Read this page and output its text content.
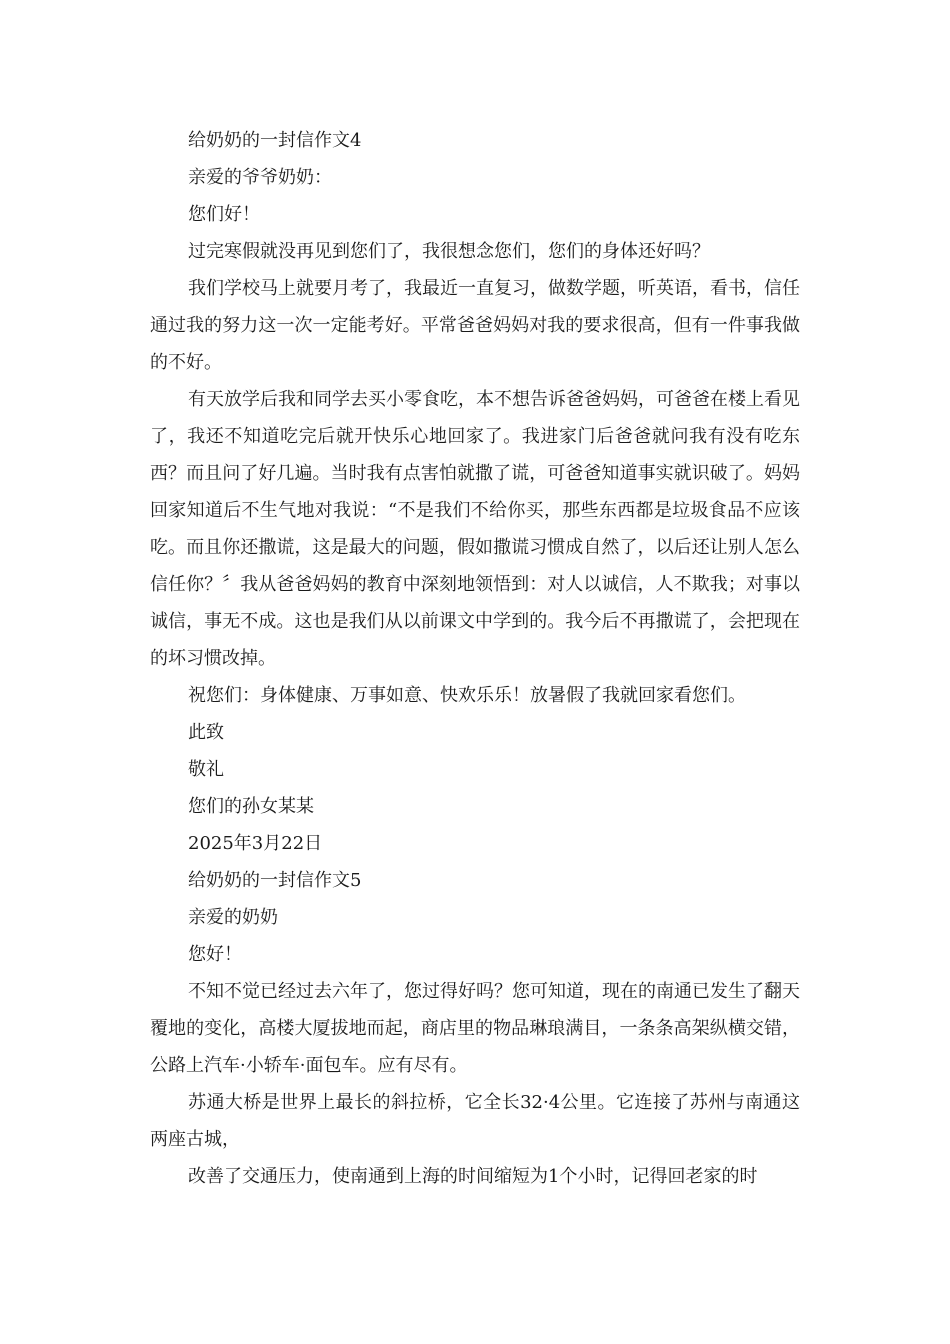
给奶奶的一封信作文4

亲爱的爷爷奶奶：

您们好！

过完寒假就没再见到您们了，我很想念您们，您们的身体还好吗？

我们学校马上就要月考了，我最近一直复习，做数学题，听英语，看书，信任通过我的努力这一次一定能考好。平常爸爸妈妈对我的要求很高，但有一件事我做的不好。

有天放学后我和同学去买小零食吃，本不想告诉爸爸妈妈，可爸爸在楼上看见了，我还不知道吃完后就开快乐心地回家了。我进家门后爸爸就问我有没有吃东西？而且问了好几遍。当时我有点害怕就撒了谎，可爸爸知道事实就识破了。妈妈回家知道后不生气地对我说：“不是我们不给你买，那些东西都是垃圾食品不应该吃。而且你还撒谎，这是最大的问题，假如撒谎习惯成自然了，以后还让别人怎么信任你？〞我从爸爸妈妈的教育中深刻地领悟到：对人以诚信，人不欺我；对事以诚信，事无不成。这也是我们从以前课文中学到的。我今后不再撒谎了，会把现在的坏习惯改掉。

祝您们：身体健康、万事如意、快欢乐乐！放暑假了我就回家看您们。

此致

敬礼

您们的孙女某某

2025年3月22日

给奶奶的一封信作文5

亲爱的奶奶

您好！

不知不觉已经过去六年了，您过得好吗？您可知道，现在的南通已发生了翻天覆地的变化，高楼大厦拔地而起，商店里的物品琳琅满目，一条条高架纵横交错，公路上汽车·小轿车·面包车。应有尽有。

苏通大桥是世界上最长的斜拉桥，它全长32·4公里。它连接了苏州与南通这两座古城，

改善了交通压力，使南通到上海的时间缩短为1个小时，记得回老家的时
